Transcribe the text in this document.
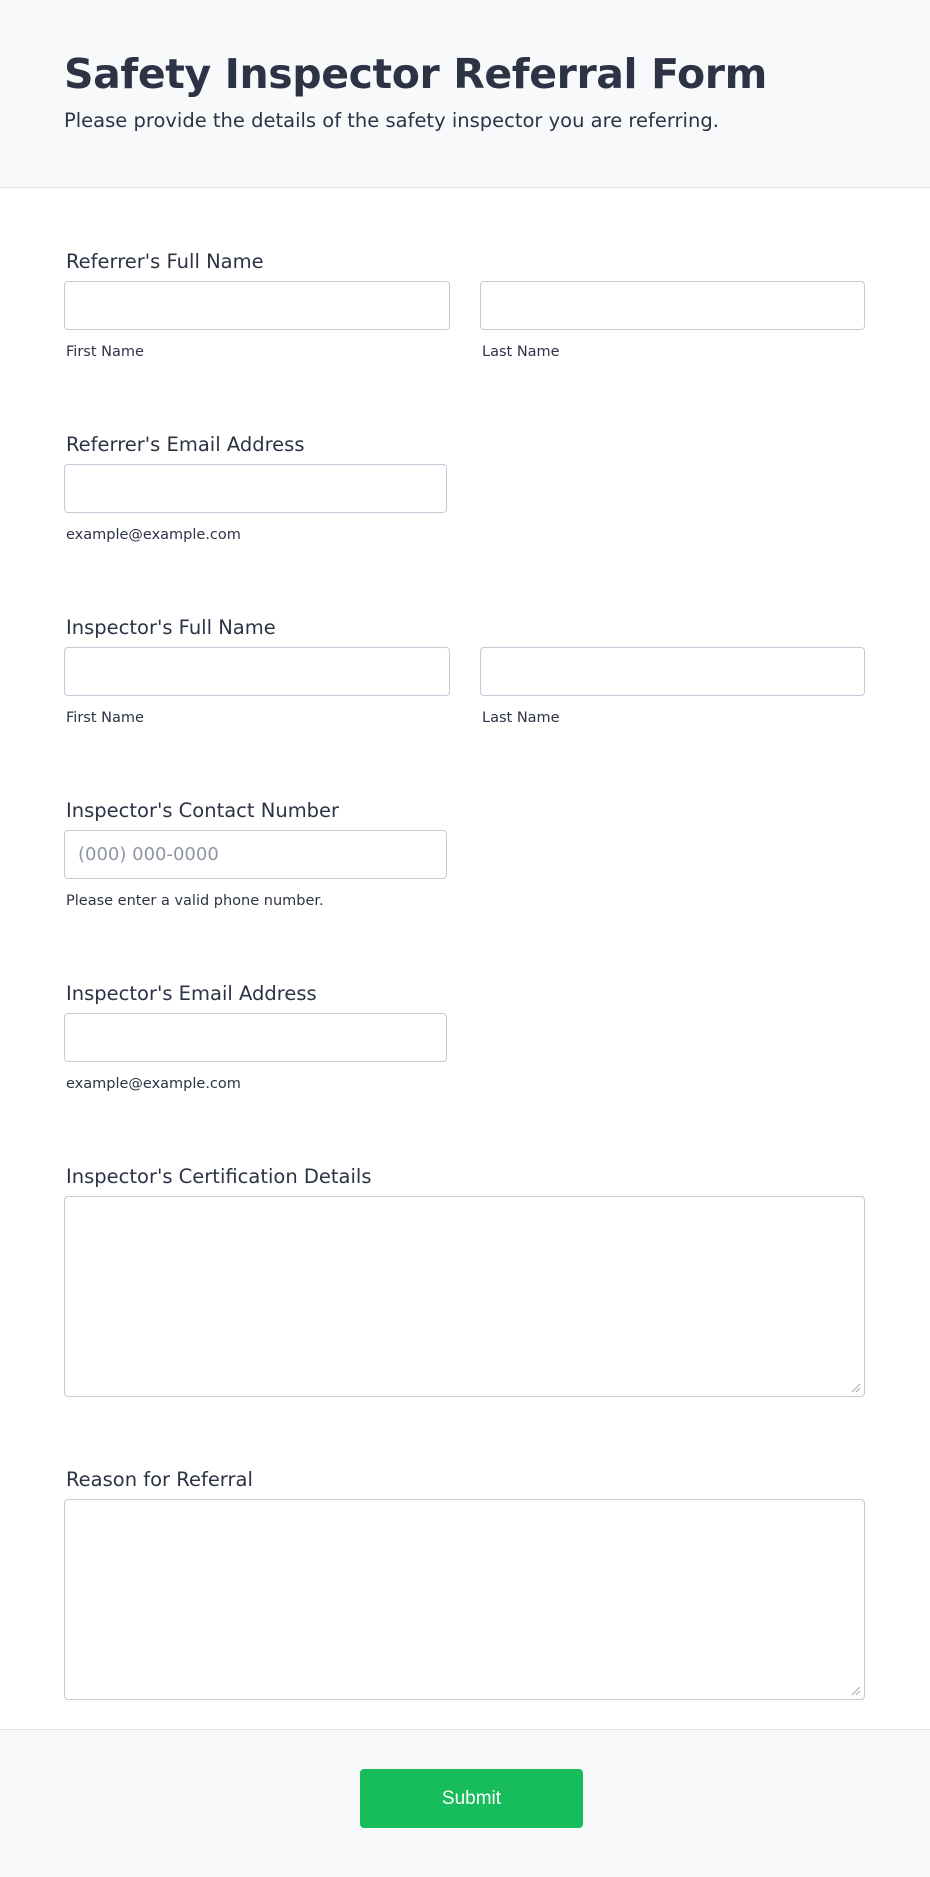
Safety Inspector Referral Form

Please provide the details of the safety inspector you are referring.

Referrer's Full Name
First Name	Last Name
Referrer's Email Address
example@example.com
Inspector's Full Name
First Name	Last Name
Inspector's Contact Number
(000) 000-0000
Please enter a valid phone number.
Inspector's Email Address
example@example.com
Inspector's Certification Details
Reason for Referral
Submit
